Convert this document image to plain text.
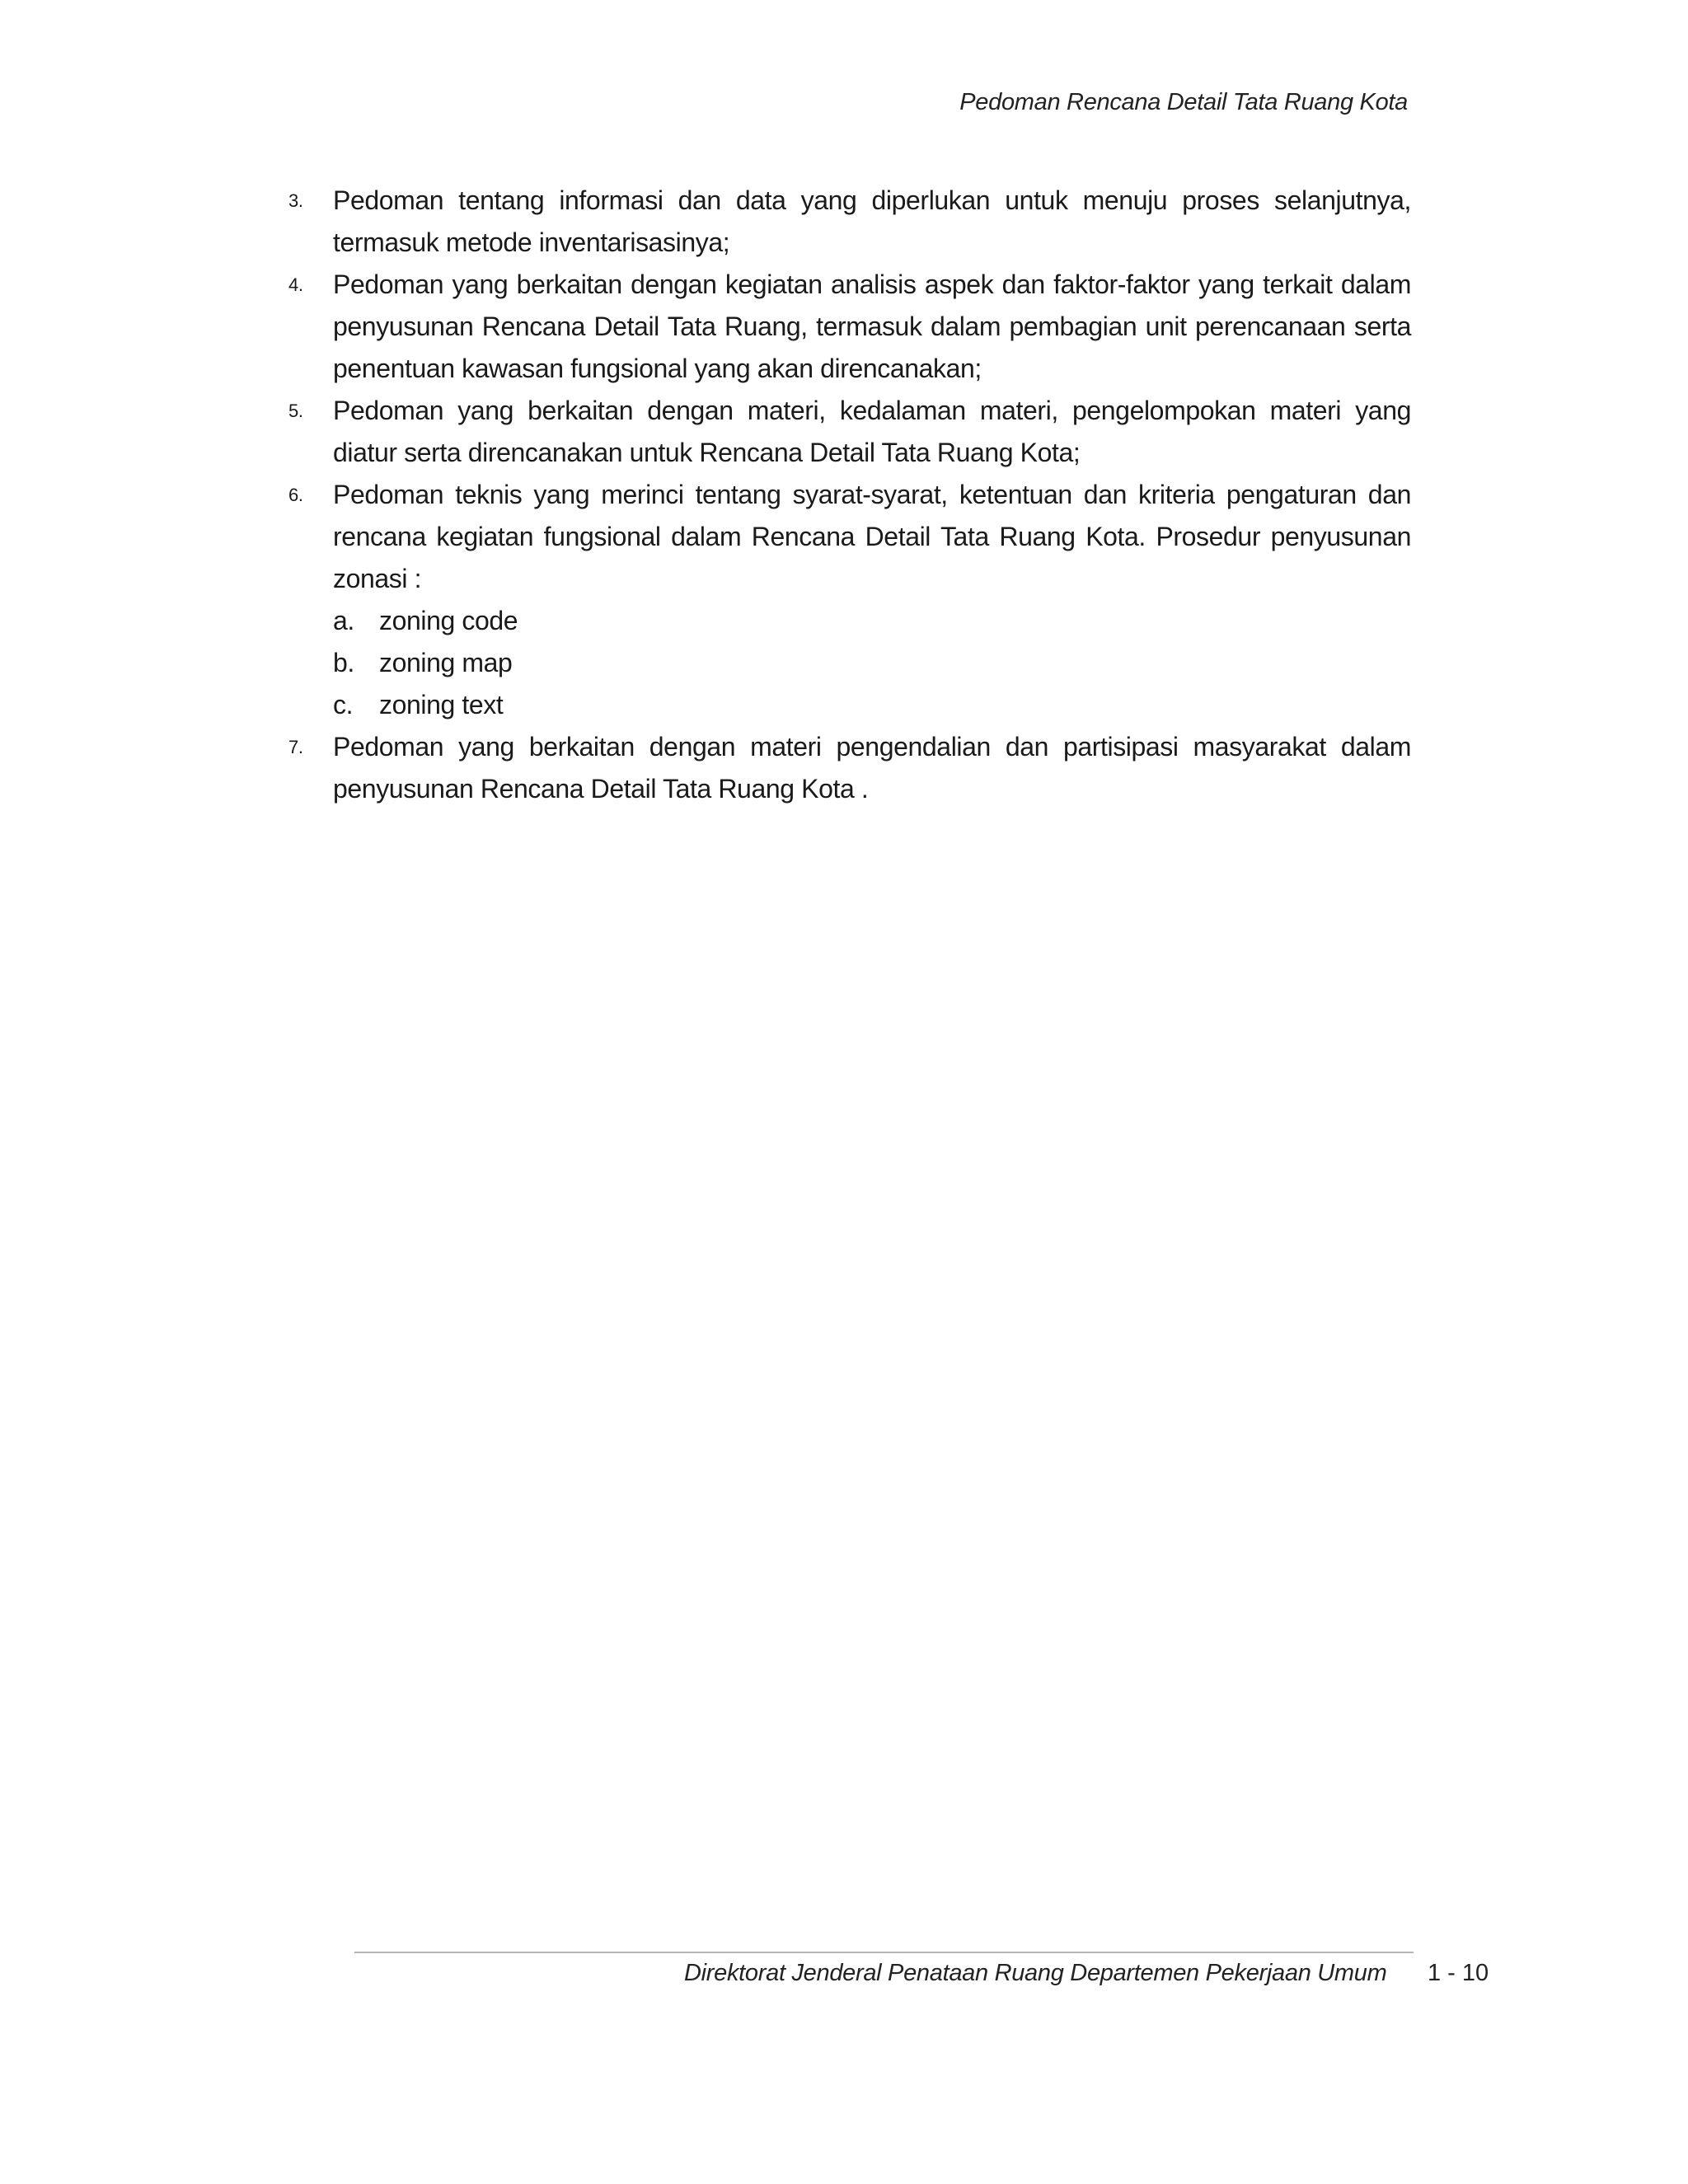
Pedoman Rencana Detail Tata Ruang Kota
3.	Pedoman tentang informasi dan data yang diperlukan untuk menuju proses selanjutnya, termasuk metode inventarisasinya;
4.	Pedoman yang berkaitan dengan kegiatan analisis aspek dan faktor-faktor yang terkait dalam penyusunan Rencana Detail Tata Ruang, termasuk dalam pembagian unit perencanaan serta penentuan kawasan fungsional yang akan direncanakan;
5.	Pedoman yang berkaitan dengan materi, kedalaman materi, pengelompokan materi yang diatur serta direncanakan untuk Rencana Detail Tata Ruang Kota;
6.	Pedoman teknis yang merinci tentang syarat-syarat, ketentuan dan kriteria pengaturan dan rencana kegiatan fungsional dalam Rencana Detail Tata Ruang Kota. Prosedur penyusunan zonasi :
a. zoning code
b. zoning map
c. zoning text
7.	Pedoman yang berkaitan dengan materi pengendalian dan partisipasi masyarakat dalam penyusunan Rencana Detail Tata Ruang Kota .
Direktorat Jenderal Penataan Ruang Departemen Pekerjaan Umum 1 - 10
